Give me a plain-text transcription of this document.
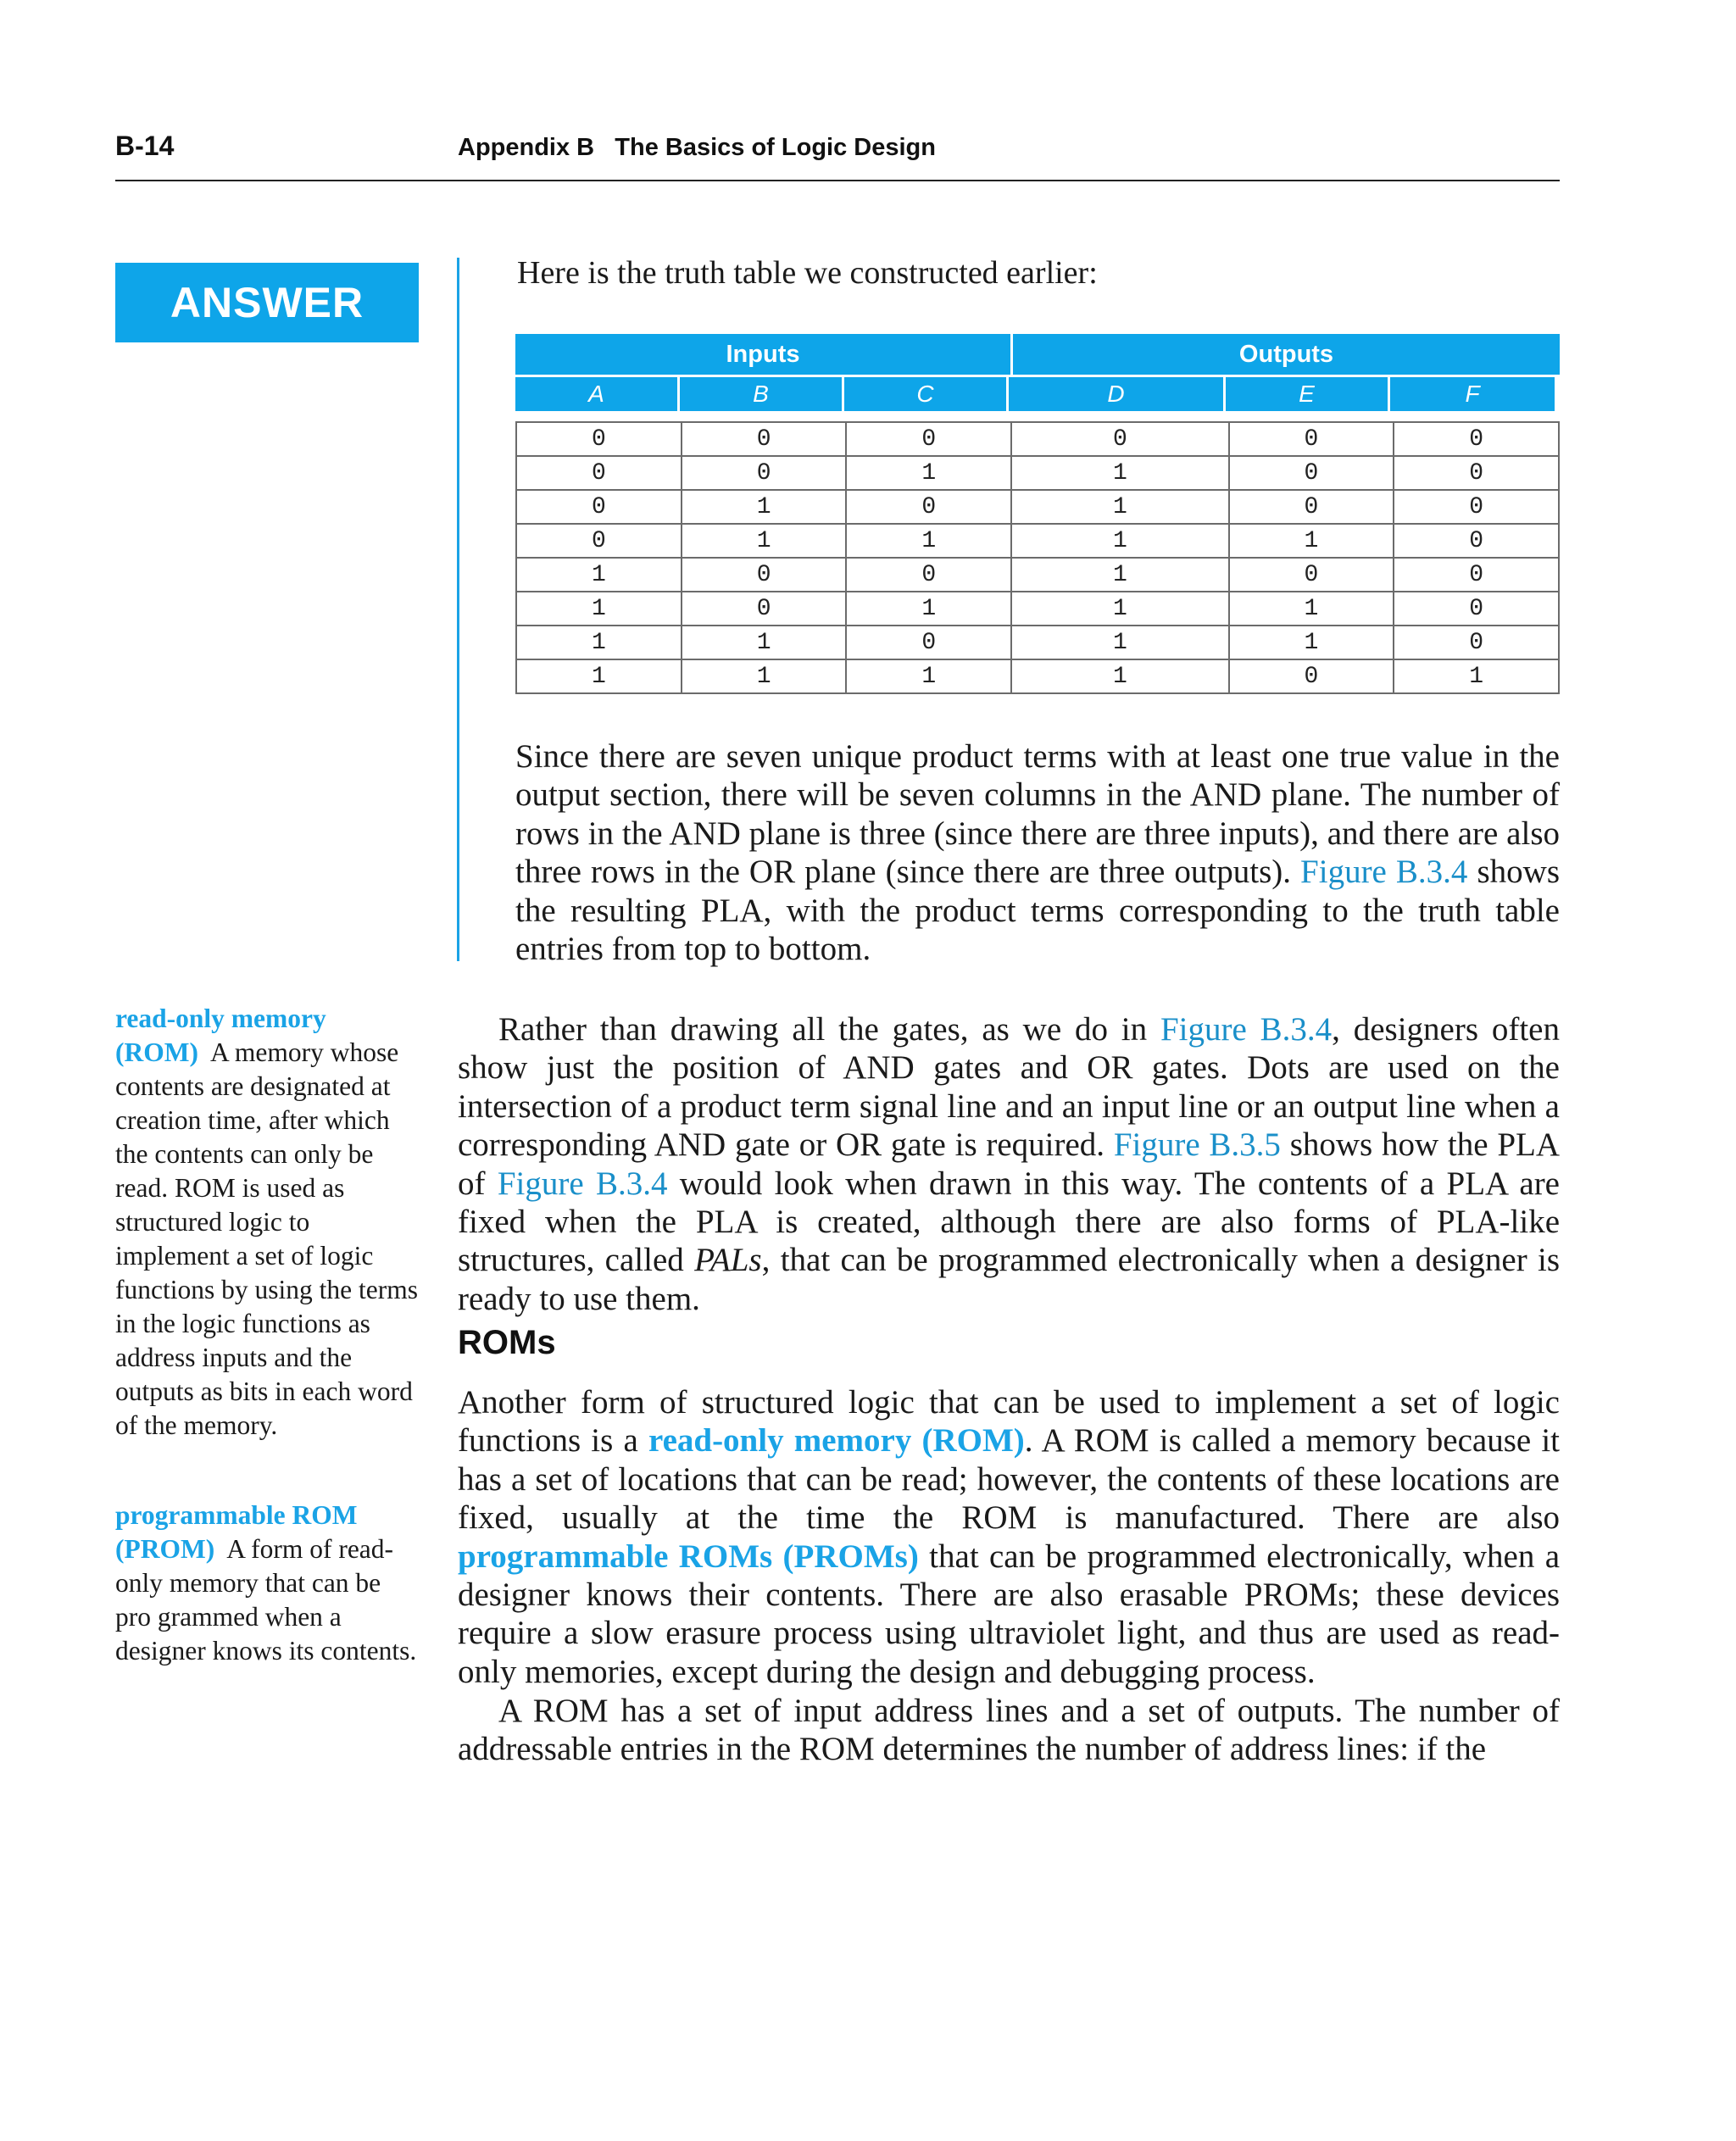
B-14	Appendix B   The Basics of Logic Design
ANSWER
Here is the truth table we constructed earlier:
Inputs	Outputs
A	B	C	D	E	F
0	0	0	0	0	0
0	0	1	1	0	0
0	1	0	1	0	0
0	1	1	1	1	0
1	0	0	1	0	0
1	0	1	1	1	0
1	1	0	1	1	0
1	1	1	1	0	1
Since there are seven unique product terms with at least one true value in the output section, there will be seven columns in the AND plane. The number of rows in the AND plane is three (since there are three inputs), and there are also three rows in the OR plane (since there are three outputs). Figure B.3.4 shows the resulting PLA, with the product terms corresponding to the truth table entries from top to bottom.
Rather than drawing all the gates, as we do in Figure B.3.4, designers often show just the position of AND gates and OR gates. Dots are used on the intersection of a product term signal line and an input line or an output line when a corresponding AND gate or OR gate is required. Figure B.3.5 shows how the PLA of Figure B.3.4 would look when drawn in this way. The contents of a PLA are fixed when the PLA is created, although there are also forms of PLA-like structures, called PALs, that can be programmed electronically when a designer is ready to use them.
ROMs
Another form of structured logic that can be used to implement a set of logic functions is a read-only memory (ROM). A ROM is called a memory because it has a set of locations that can be read; however, the contents of these locations are fixed, usually at the time the ROM is manufactured. There are also programmable ROMs (PROMs) that can be programmed electronically, when a designer knows their contents. There are also erasable PROMs; these devices require a slow erasure process using ultraviolet light, and thus are used as read-only memories, except during the design and debugging process.
A ROM has a set of input address lines and a set of outputs. The number of addressable entries in the ROM determines the number of address lines: if the
read-only memory (ROM) A memory whose contents are designated at creation time, after which the contents can only be read. ROM is used as structured logic to implement a set of logic functions by using the terms in the logic functions as address inputs and the outputs as bits in each word of the memory.
programmable ROM (PROM) A form of read-only memory that can be pro grammed when a designer knows its contents.
